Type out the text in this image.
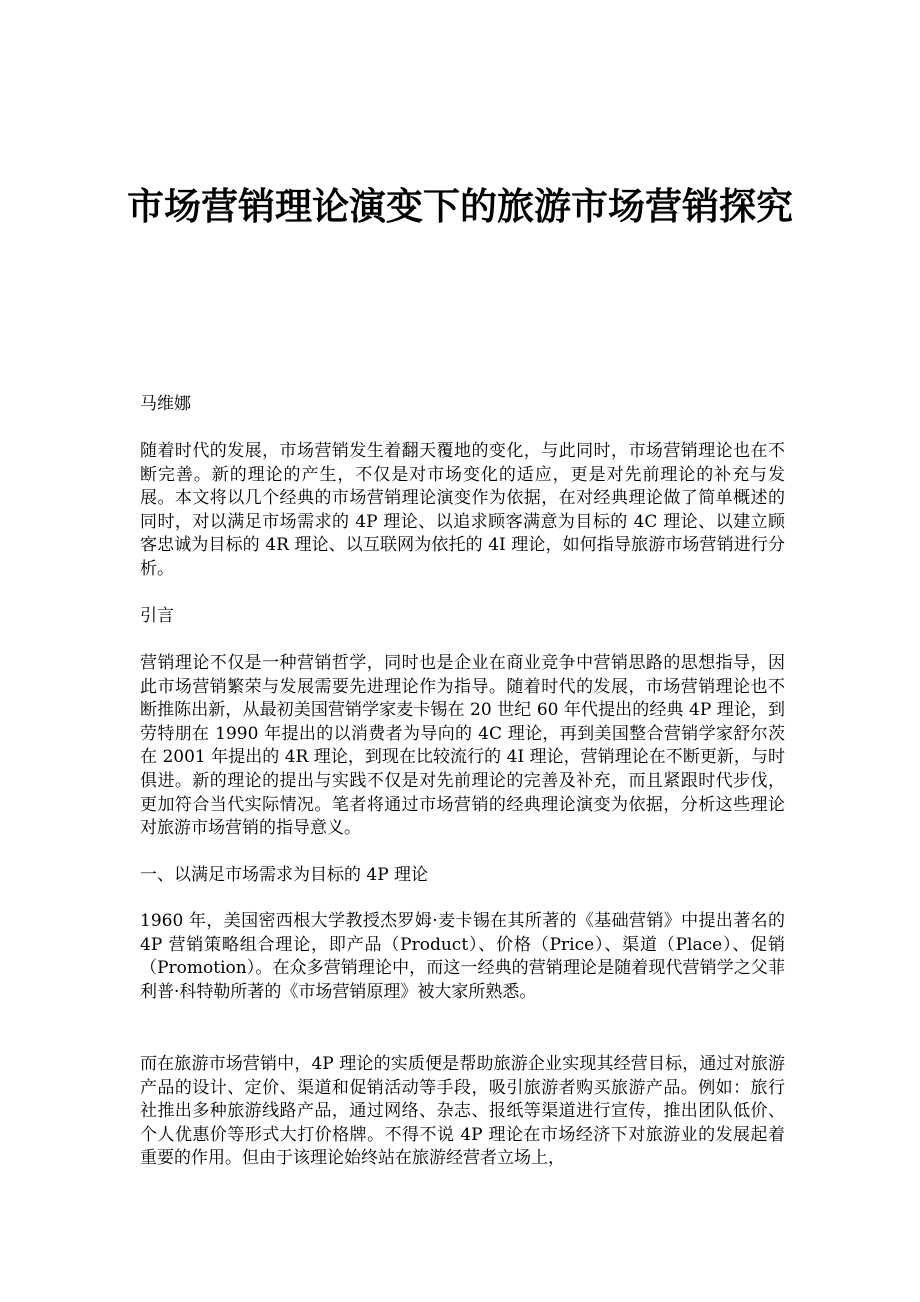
市场营销理论演变下的旅游市场营销探究

马维娜

随着时代的发展，市场营销发生着翻天覆地的变化，与此同时，市场营销理论也在不断完善。新的理论的产生，不仅是对市场变化的适应，更是对先前理论的补充与发展。本文将以几个经典的市场营销理论演变作为依据，在对经典理论做了简单概述的同时，对以满足市场需求的 4P 理论、以追求顾客满意为目标的 4C 理论、以建立顾客忠诚为目标的 4R 理论、以互联网为依托的 4I 理论，如何指导旅游市场营销进行分析。

引言

营销理论不仅是一种营销哲学，同时也是企业在商业竞争中营销思路的思想指导，因此市场营销繁荣与发展需要先进理论作为指导。随着时代的发展，市场营销理论也不断推陈出新，从最初美国营销学家麦卡锡在 20 世纪 60 年代提出的经典 4P 理论，到劳特朋在 1990 年提出的以消费者为导向的 4C 理论，再到美国整合营销学家舒尔茨在 2001 年提出的 4R 理论，到现在比较流行的 4I 理论，营销理论在不断更新，与时俱进。新的理论的提出与实践不仅是对先前理论的完善及补充，而且紧跟时代步伐，更加符合当代实际情况。笔者将通过市场营销的经典理论演变为依据，分析这些理论对旅游市场营销的指导意义。

一、以满足市场需求为目标的 4P 理论

1960 年，美国密西根大学教授杰罗姆·麦卡锡在其所著的《基础营销》中提出著名的 4P 营销策略组合理论，即产品（Product）、价格（Price）、渠道（Place）、促销（Promotion）。在众多营销理论中，而这一经典的营销理论是随着现代营销学之父菲利普·科特勒所著的《市场营销原理》被大家所熟悉。

而在旅游市场营销中，4P 理论的实质便是帮助旅游企业实现其经营目标，通过对旅游产品的设计、定价、渠道和促销活动等手段，吸引旅游者购买旅游产品。例如：旅行社推出多种旅游线路产品，通过网络、杂志、报纸等渠道进行宣传，推出团队低价、个人优惠价等形式大打价格牌。不得不说 4P 理论在市场经济下对旅游业的发展起着重要的作用。但由于该理论始终站在旅游经营者立场上，
